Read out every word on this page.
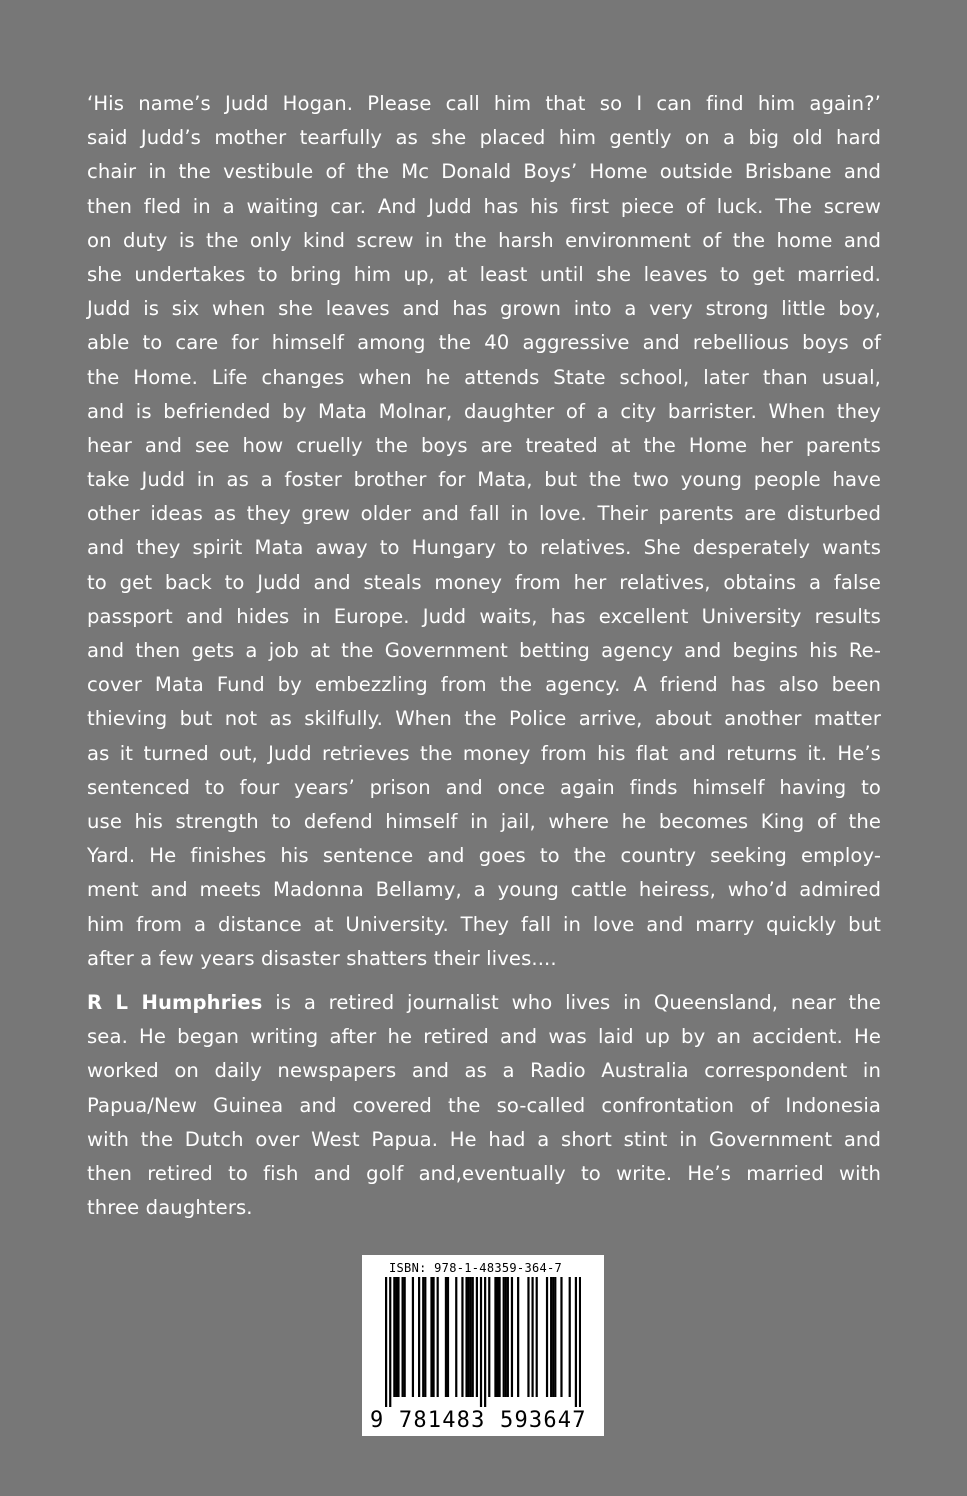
‘His name’s Judd Hogan. Please call him that so I can find him again?’
said Judd’s mother tearfully as she placed him gently on a big old hard
chair in the vestibule of the Mc Donald Boys’ Home outside Brisbane and
then fled in a waiting car. And Judd has his first piece of luck. The screw
on duty is the only kind screw in the harsh environment of the home and
she undertakes to bring him up, at least until she leaves to get married.
Judd is six when she leaves and has grown into a very strong little boy,
able to care for himself among the 40 aggressive and rebellious boys of
the Home. Life changes when he attends State school, later than usual,
and is befriended by Mata Molnar, daughter of a city barrister. When they
hear and see how cruelly the boys are treated at the Home her parents
take Judd in as a foster brother for Mata, but the two young people have
other ideas as they grew older and fall in love. Their parents are disturbed
and they spirit Mata away to Hungary to relatives. She desperately wants
to get back to Judd and steals money from her relatives, obtains a false
passport and hides in Europe. Judd waits, has excellent University results
and then gets a job at the Government betting agency and begins his Re-
cover Mata Fund by embezzling from the agency. A friend has also been
thieving but not as skilfully. When the Police arrive, about another matter
as it turned out, Judd retrieves the money from his flat and returns it. He’s
sentenced to four years’ prison and once again finds himself having to
use his strength to defend himself in jail, where he becomes King of the
Yard. He finishes his sentence and goes to the country seeking employ-
ment and meets Madonna Bellamy, a young cattle heiress, who’d admired
him from a distance at University. They fall in love and marry quickly but
after a few years disaster shatters their lives....
R L Humphries is a retired journalist who lives in Queensland, near the
sea. He began writing after he retired and was laid up by an accident. He
worked on daily newspapers and as a Radio Australia correspondent in
Papua/New Guinea and covered the so-called confrontation of Indonesia
with the Dutch over West Papua. He had a short stint in Government and
then retired to fish and golf and,eventually to write. He’s married with
three daughters.
ISBN: 978-1-48359-364-7
9 781483 593647
